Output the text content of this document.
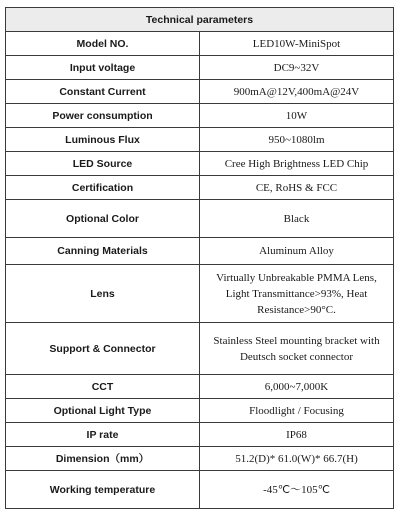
Technical parameters	
Model NO.	LED10W-MiniSpot
Input voltage	DC9~32V
Constant Current	900mA@12V,400mA@24V
Power consumption	10W
Luminous Flux	950~1080lm
LED Source	Cree High Brightness LED Chip
Certification	CE, RoHS & FCC
Optional Color	Black
Canning Materials	Aluminum Alloy
Lens	Virtually Unbreakable PMMA Lens, Light Transmittance>93%, Heat Resistance>90°C.
Support & Connector	Stainless Steel mounting bracket with Deutsch socket connector
CCT	6,000~7,000K
Optional Light Type	Floodlight / Focusing
IP rate	IP68
Dimension（mm）	51.2(D)* 61.0(W)* 66.7(H)
Working temperature	-45℃～105℃
